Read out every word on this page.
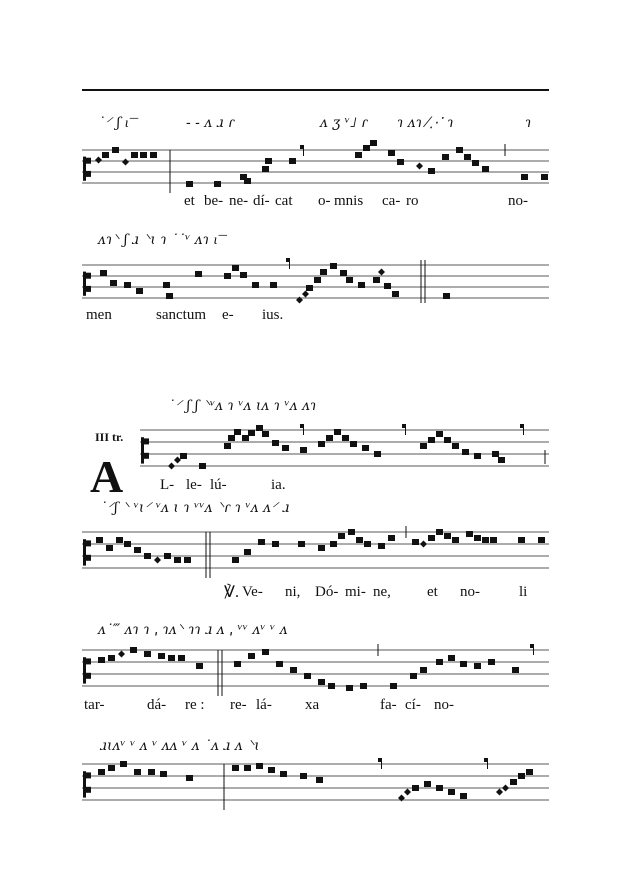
˙⸍ ʃ ɩ͞	- - ᴧ ɹ ɾ	ᴧ ʒ ᵛ˩ ɾ ɿ ᴧɿ ⁄⋰ ɿ	ɿ
et be- ne- dí- cat o- mnis ca- ro	no-
ᴧɿ⸌ ʃ ɹ ⸌ɩ ɿ ˙˙ᵛ ᴧɿ ɩ͞
men	sanctum e- ius.
˙⸍ ʃ ʃ ⸌ᵛᴧ ɿ ᵛᴧ ɩᴧ ɿ ᵛᴧ ᴧɿ
III tr.
A L- le- lú-	ia.
˙⸍ʃ ⸌ ᵛɩ⸍ ᵛᴧ ɩ ɿ ᵛᵛᴧ ⸌ɾ ɿ ᵛᴧ ᴧ⸍ ɹ
℣. Ve- ni, Dó- mi- ne, et no-	li
ᴧ˙‴ ᴧɿ ɿ ˌ ɿᴧ⸌ ɿɿ ɹ ᴧ ˌ ᵛᵛ ᴧᵛ ᵛ ᴧ
tar-	dá- re : re- lá- xa	fa- cí- no-
ɹɩᴧᵛ ᵛ ᴧ ᵛ ᴧᴧ ᵛ ᴧ ˙ᴧ ɹ ᴧ ⸌ɩ
